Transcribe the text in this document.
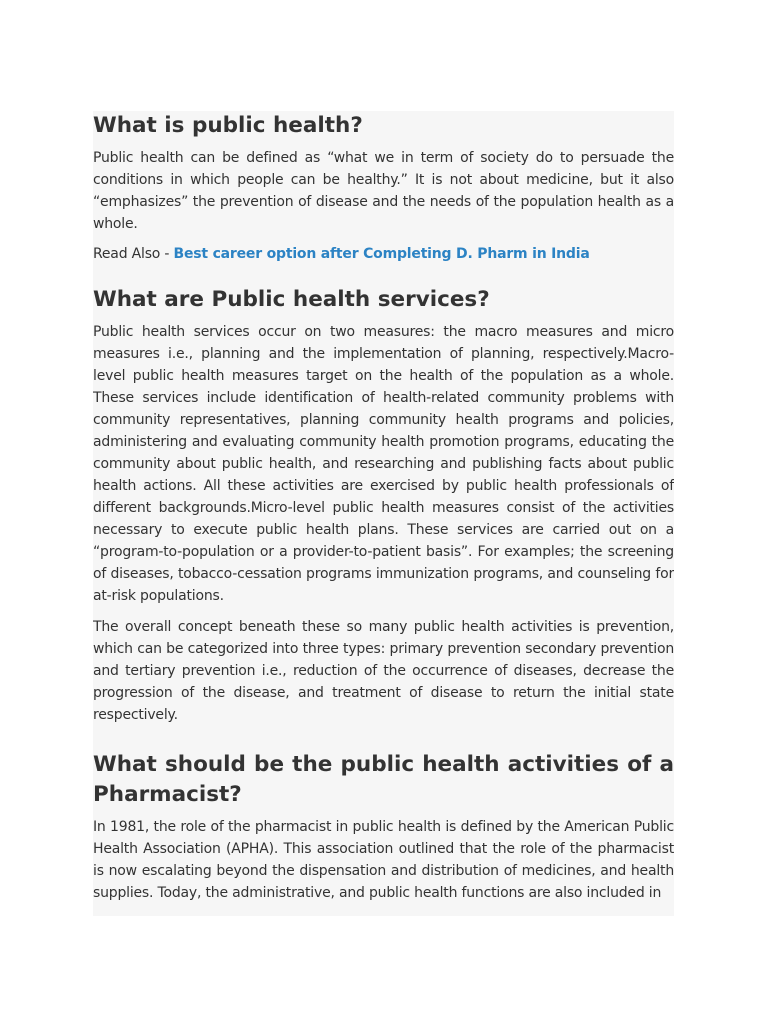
What is public health?

Public health can be defined as “what we in term of society do to persuade the conditions in which people can be healthy.” It is not about medicine, but it also “emphasizes” the prevention of disease and the needs of the population health as a whole.

Read Also - Best career option after Completing D. Pharm in India

What are Public health services?

Public health services occur on two measures: the macro measures and micro measures i.e., planning and the implementation of planning, respectively.Macro-level public health measures target on the health of the population as a whole. These services include identification of health-related community problems with community representatives, planning community health programs and policies, administering and evaluating community health promotion programs, educating the community about public health, and researching and publishing facts about public health actions. All these activities are exercised by public health professionals of different backgrounds.Micro-level public health measures consist of the activities necessary to execute public health plans. These services are carried out on a “program-to-population or a provider-to-patient basis”. For examples; the screening of diseases, tobacco-cessation programs immunization programs, and counseling for at-risk populations.

The overall concept beneath these so many public health activities is prevention, which can be categorized into three types: primary prevention secondary prevention and tertiary prevention i.e., reduction of the occurrence of diseases, decrease the progression of the disease, and treatment of disease to return the initial state respectively.

What should be the public health activities of a Pharmacist?

In 1981, the role of the pharmacist in public health is defined by the American Public Health Association (APHA). This association outlined that the role of the pharmacist is now escalating beyond the dispensation and distribution of medicines, and health supplies. Today, the administrative, and public health functions are also included in
